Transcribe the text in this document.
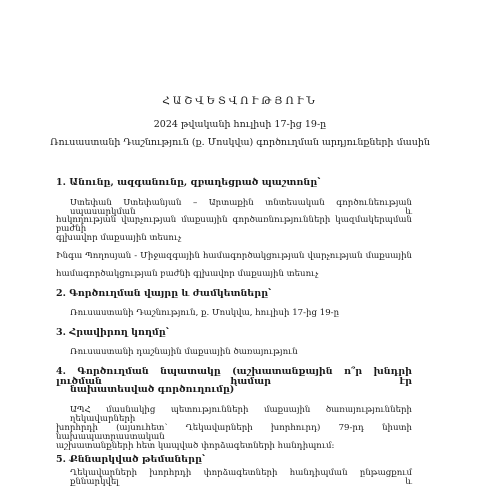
ՀԱՇՎԵՏՎՈՒԹՅՈՒՆ
2024 թվականի հուլիսի 17-ից 19-ը
Ռուսաստանի Դաշնություն (ք. Մոսկվա) գործուղման արդյունքների մասին
1. Անունը, ազգանունը, զբաղեցրած պաշտոնը՝
Ստեփան Ստեփանյան – Արտաքին տնտեսական գործունեության սպասարկման և
հսկողության վարչության մաքսային գործառնությունների կազմակերպման բաժնի
գլխավոր մաքսային տեսուչ
Ինգա Պողոսյան - Միջազգային համագործակցության վարչության մաքսային
համագործակցության բաժնի գլխավոր մաքսային տեսուչ
2. Գործուղման վայրը և ժամկետները՝
Ռուսաստանի Դաշնություն, ք. Մոսկվա, հուլիսի 17-ից 19-ը
3. Հրավիրող կողմը՝
Ռուսաստանի դաշնային մաքսային ծառայություն
4. Գործուղման նպատակը (աշխատանքային ո՞ր խնդրի լուծման համար էր
նախատեսված գործուղումը)՝
ԱՊՀ մասնակից պետությունների մաքսային ծառայությունների ղեկավարների
խորհրդի (այսուհետ՝ Ղեկավարների խորհուրդ) 79-րդ նիստի նախապատրաստական
աշխատանքների հետ կապված փորձագետների հանդիպում:
5. Քննարկված թեմաները՝
Ղեկավարների խորհրդի փորձագետների հանդիպման ընթացքում քննարկվել և
